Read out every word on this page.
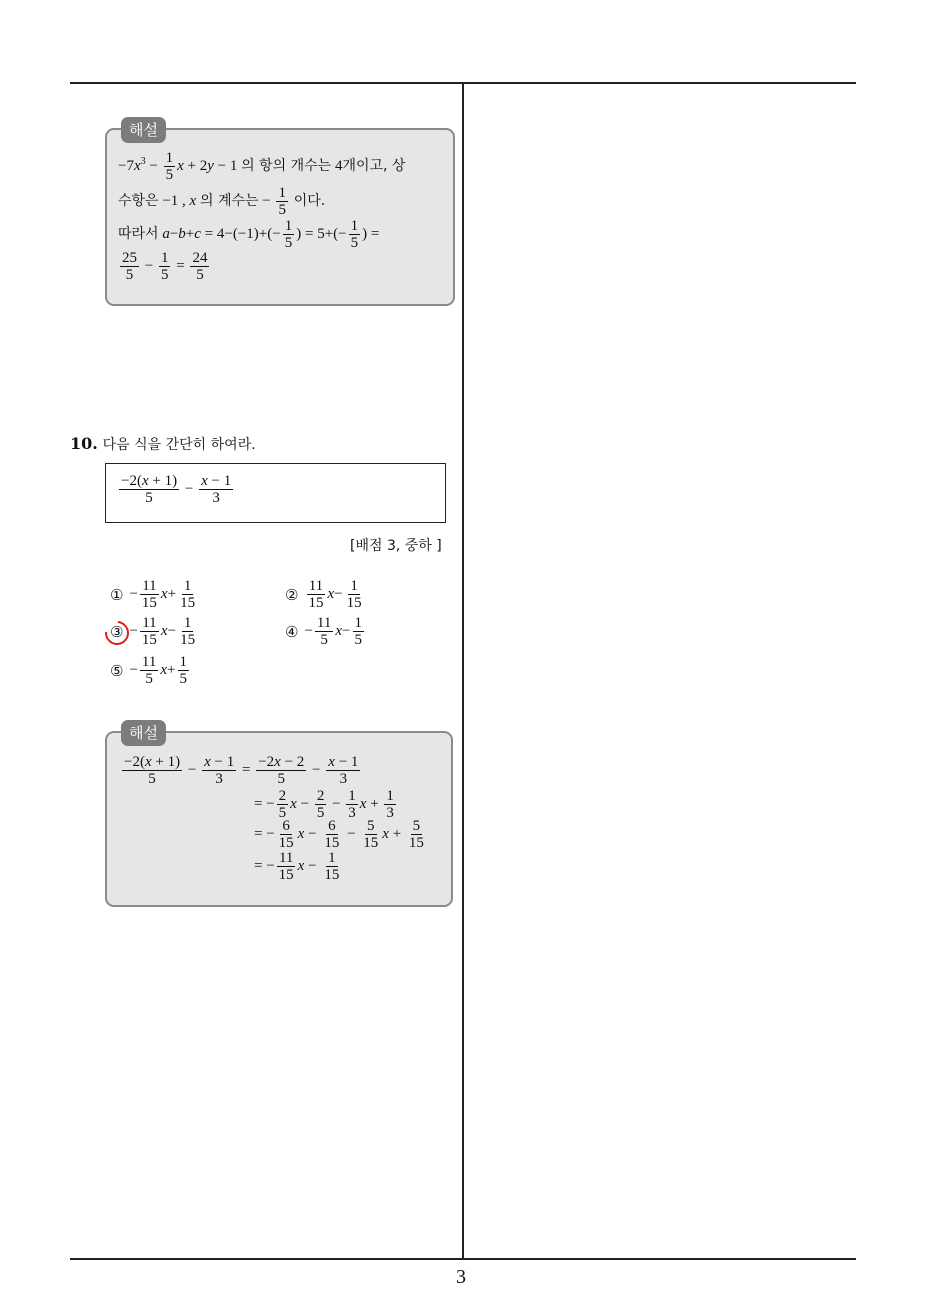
해설
$-7x^3 - \frac{1}{5}$ x + 2y − 1 의 항의 개수는 4개이고, 상
수항은 −1 , x 의 계수는 − $\frac{1}{5}$ 이다.
따라서 $a-b+c = 4-(-1)+(- \frac{1}{5}$ ) = $5+(- \frac{1}{5}$ ) =
$\frac{25}{5} - \frac{1}{5} = \frac{24}{5}$
10. 다음 식을 간단히 하여라.
$\frac{-2(x + 1)}{5} - \frac{x - 1}{3}$
[배점 3, 중하 ]
① − $\frac{11}{15}$ $x + \frac{1}{15}$	② $\frac{11}{15}$ $x - \frac{1}{15}$
③ − $\frac{11}{15}$ $x - \frac{1}{15}$	④ − $\frac{11}{5}$ $x - \frac{1}{5}$
⑤ − $\frac{11}{5}$ $x + \frac{1}{5}$
해설
$\frac{-2(x + 1)}{5} - \frac{x - 1}{3} = \frac{-2x - 2}{5} - \frac{x - 1}{3}$
= − $\frac{2}{5}$ $x - \frac{2}{5} - \frac{1}{3}$ $x + \frac{1}{3}$
= − $\frac{6}{15}$ $x - \frac{6}{15} - \frac{5}{15}$ $x + \frac{5}{15}$
= − $\frac{11}{15}$ $x - \frac{1}{15}$
3
